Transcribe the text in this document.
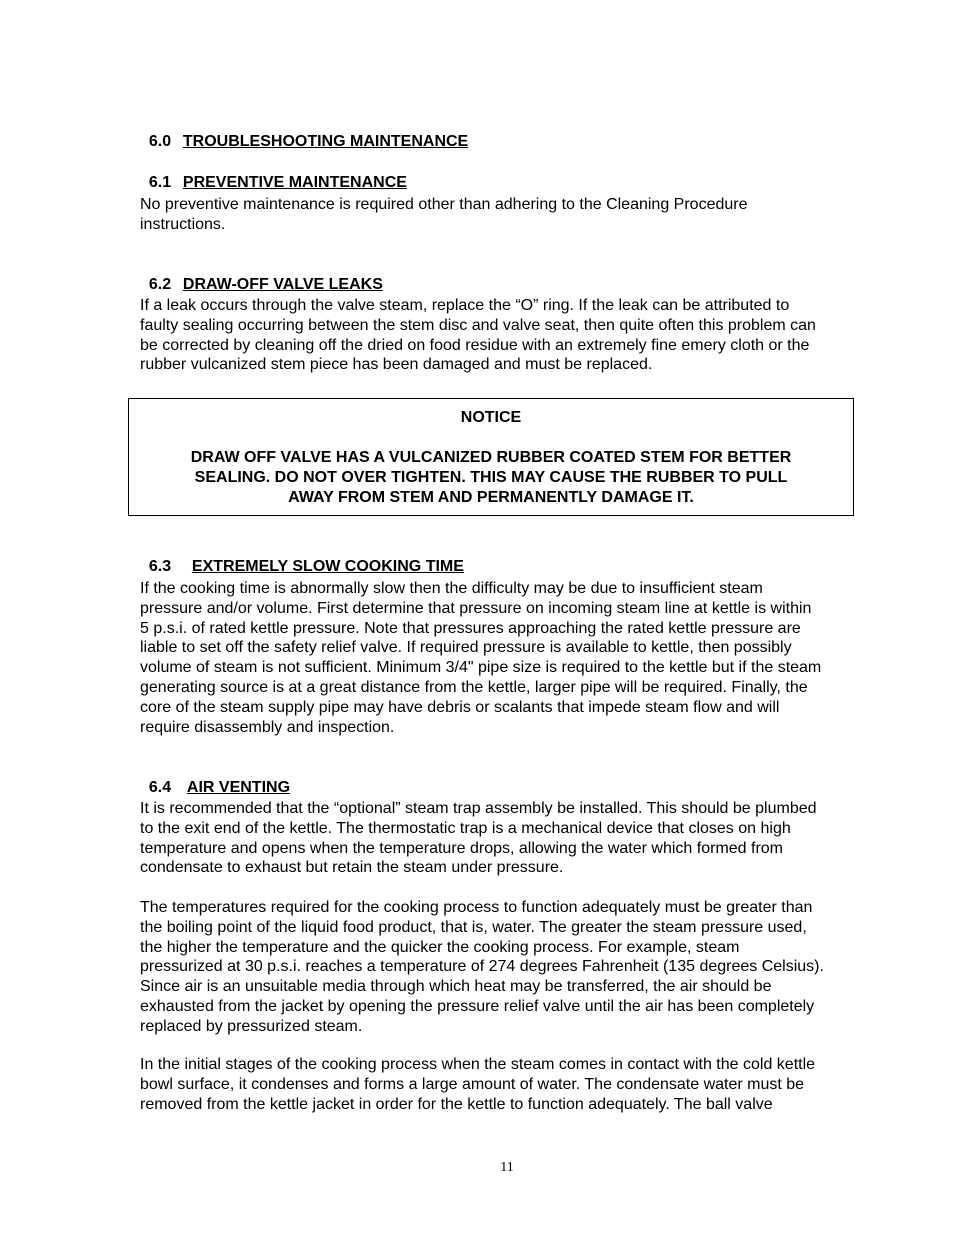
6.0 TROUBLESHOOTING MAINTENANCE

6.1 PREVENTIVE MAINTENANCE

No preventive maintenance is required other than adhering to the Cleaning Procedure
instructions.

6.2 DRAW-OFF VALVE LEAKS

If a leak occurs through the valve steam, replace the “O” ring. If the leak can be attributed to
faulty sealing occurring between the stem disc and valve seat, then quite often this problem can
be corrected by cleaning off the dried on food residue with an extremely fine emery cloth or the
rubber vulcanized stem piece has been damaged and must be replaced.
NOTICE
DRAW OFF VALVE HAS A VULCANIZED RUBBER COATED STEM FOR BETTER
SEALING. DO NOT OVER TIGHTEN. THIS MAY CAUSE THE RUBBER TO PULL
AWAY FROM STEM AND PERMANENTLY DAMAGE IT.

6.3 EXTREMELY SLOW COOKING TIME

If the cooking time is abnormally slow then the difficulty may be due to insufficient steam
pressure and/or volume. First determine that pressure on incoming steam line at kettle is within
5 p.s.i. of rated kettle pressure. Note that pressures approaching the rated kettle pressure are
liable to set off the safety relief valve. If required pressure is available to kettle, then possibly
volume of steam is not sufficient. Minimum 3/4" pipe size is required to the kettle but if the steam
generating source is at a great distance from the kettle, larger pipe will be required. Finally, the
core of the steam supply pipe may have debris or scalants that impede steam flow and will
require disassembly and inspection.

6.4 AIR VENTING

It is recommended that the “optional” steam trap assembly be installed. This should be plumbed
to the exit end of the kettle. The thermostatic trap is a mechanical device that closes on high
temperature and opens when the temperature drops, allowing the water which formed from
condensate to exhaust but retain the steam under pressure.
The temperatures required for the cooking process to function adequately must be greater than
the boiling point of the liquid food product, that is, water. The greater the steam pressure used,
the higher the temperature and the quicker the cooking process. For example, steam
pressurized at 30 p.s.i. reaches a temperature of 274 degrees Fahrenheit (135 degrees Celsius).
Since air is an unsuitable media through which heat may be transferred, the air should be
exhausted from the jacket by opening the pressure relief valve until the air has been completely
replaced by pressurized steam.
In the initial stages of the cooking process when the steam comes in contact with the cold kettle
bowl surface, it condenses and forms a large amount of water. The condensate water must be
removed from the kettle jacket in order for the kettle to function adequately. The ball valve
11
